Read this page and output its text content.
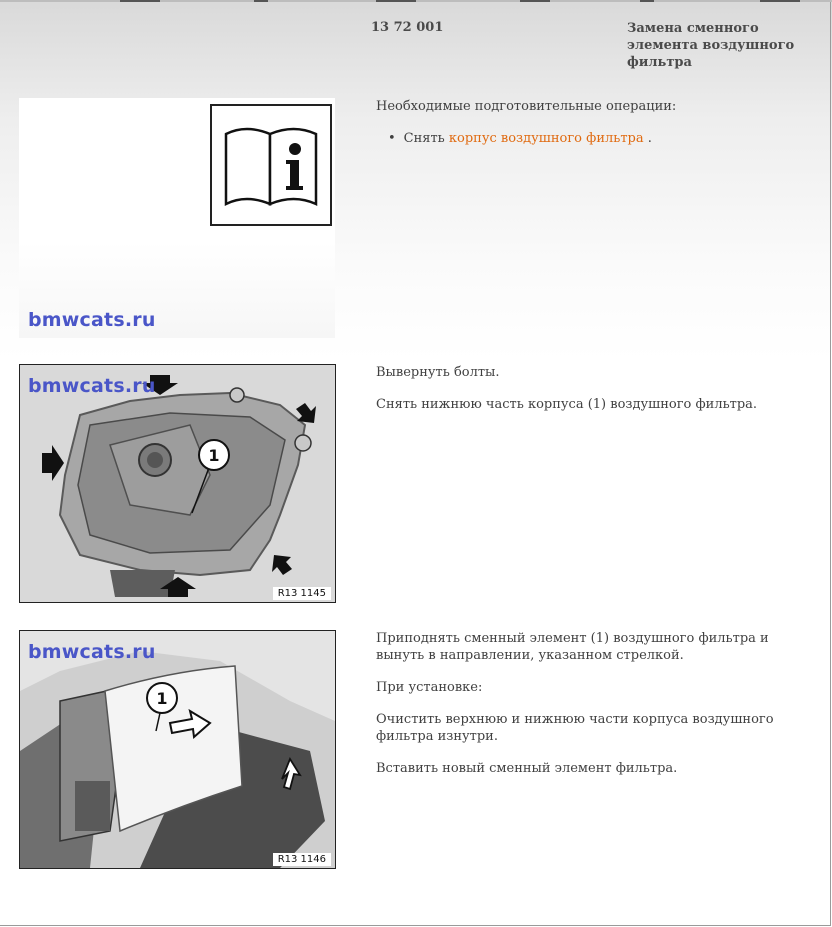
13 72 001	Замена сменного элемента воздушного фильтра
bmwcats.ru

Необходимые подготовительные операции:

• Снять корпус воздушного фильтра .
1
R13 1145
bmwcats.ru

Вывернуть болты.

Снять нижнюю часть корпуса (1) воздушного фильтра.

1
R13 1146
bmwcats.ru

Приподнять сменный элемент (1) воздушного фильтра и вынуть в направлении, указанном стрелкой.

При установке:

Очистить верхнюю и нижнюю части корпуса воздушного фильтра изнутри.

Вставить новый сменный элемент фильтра.
